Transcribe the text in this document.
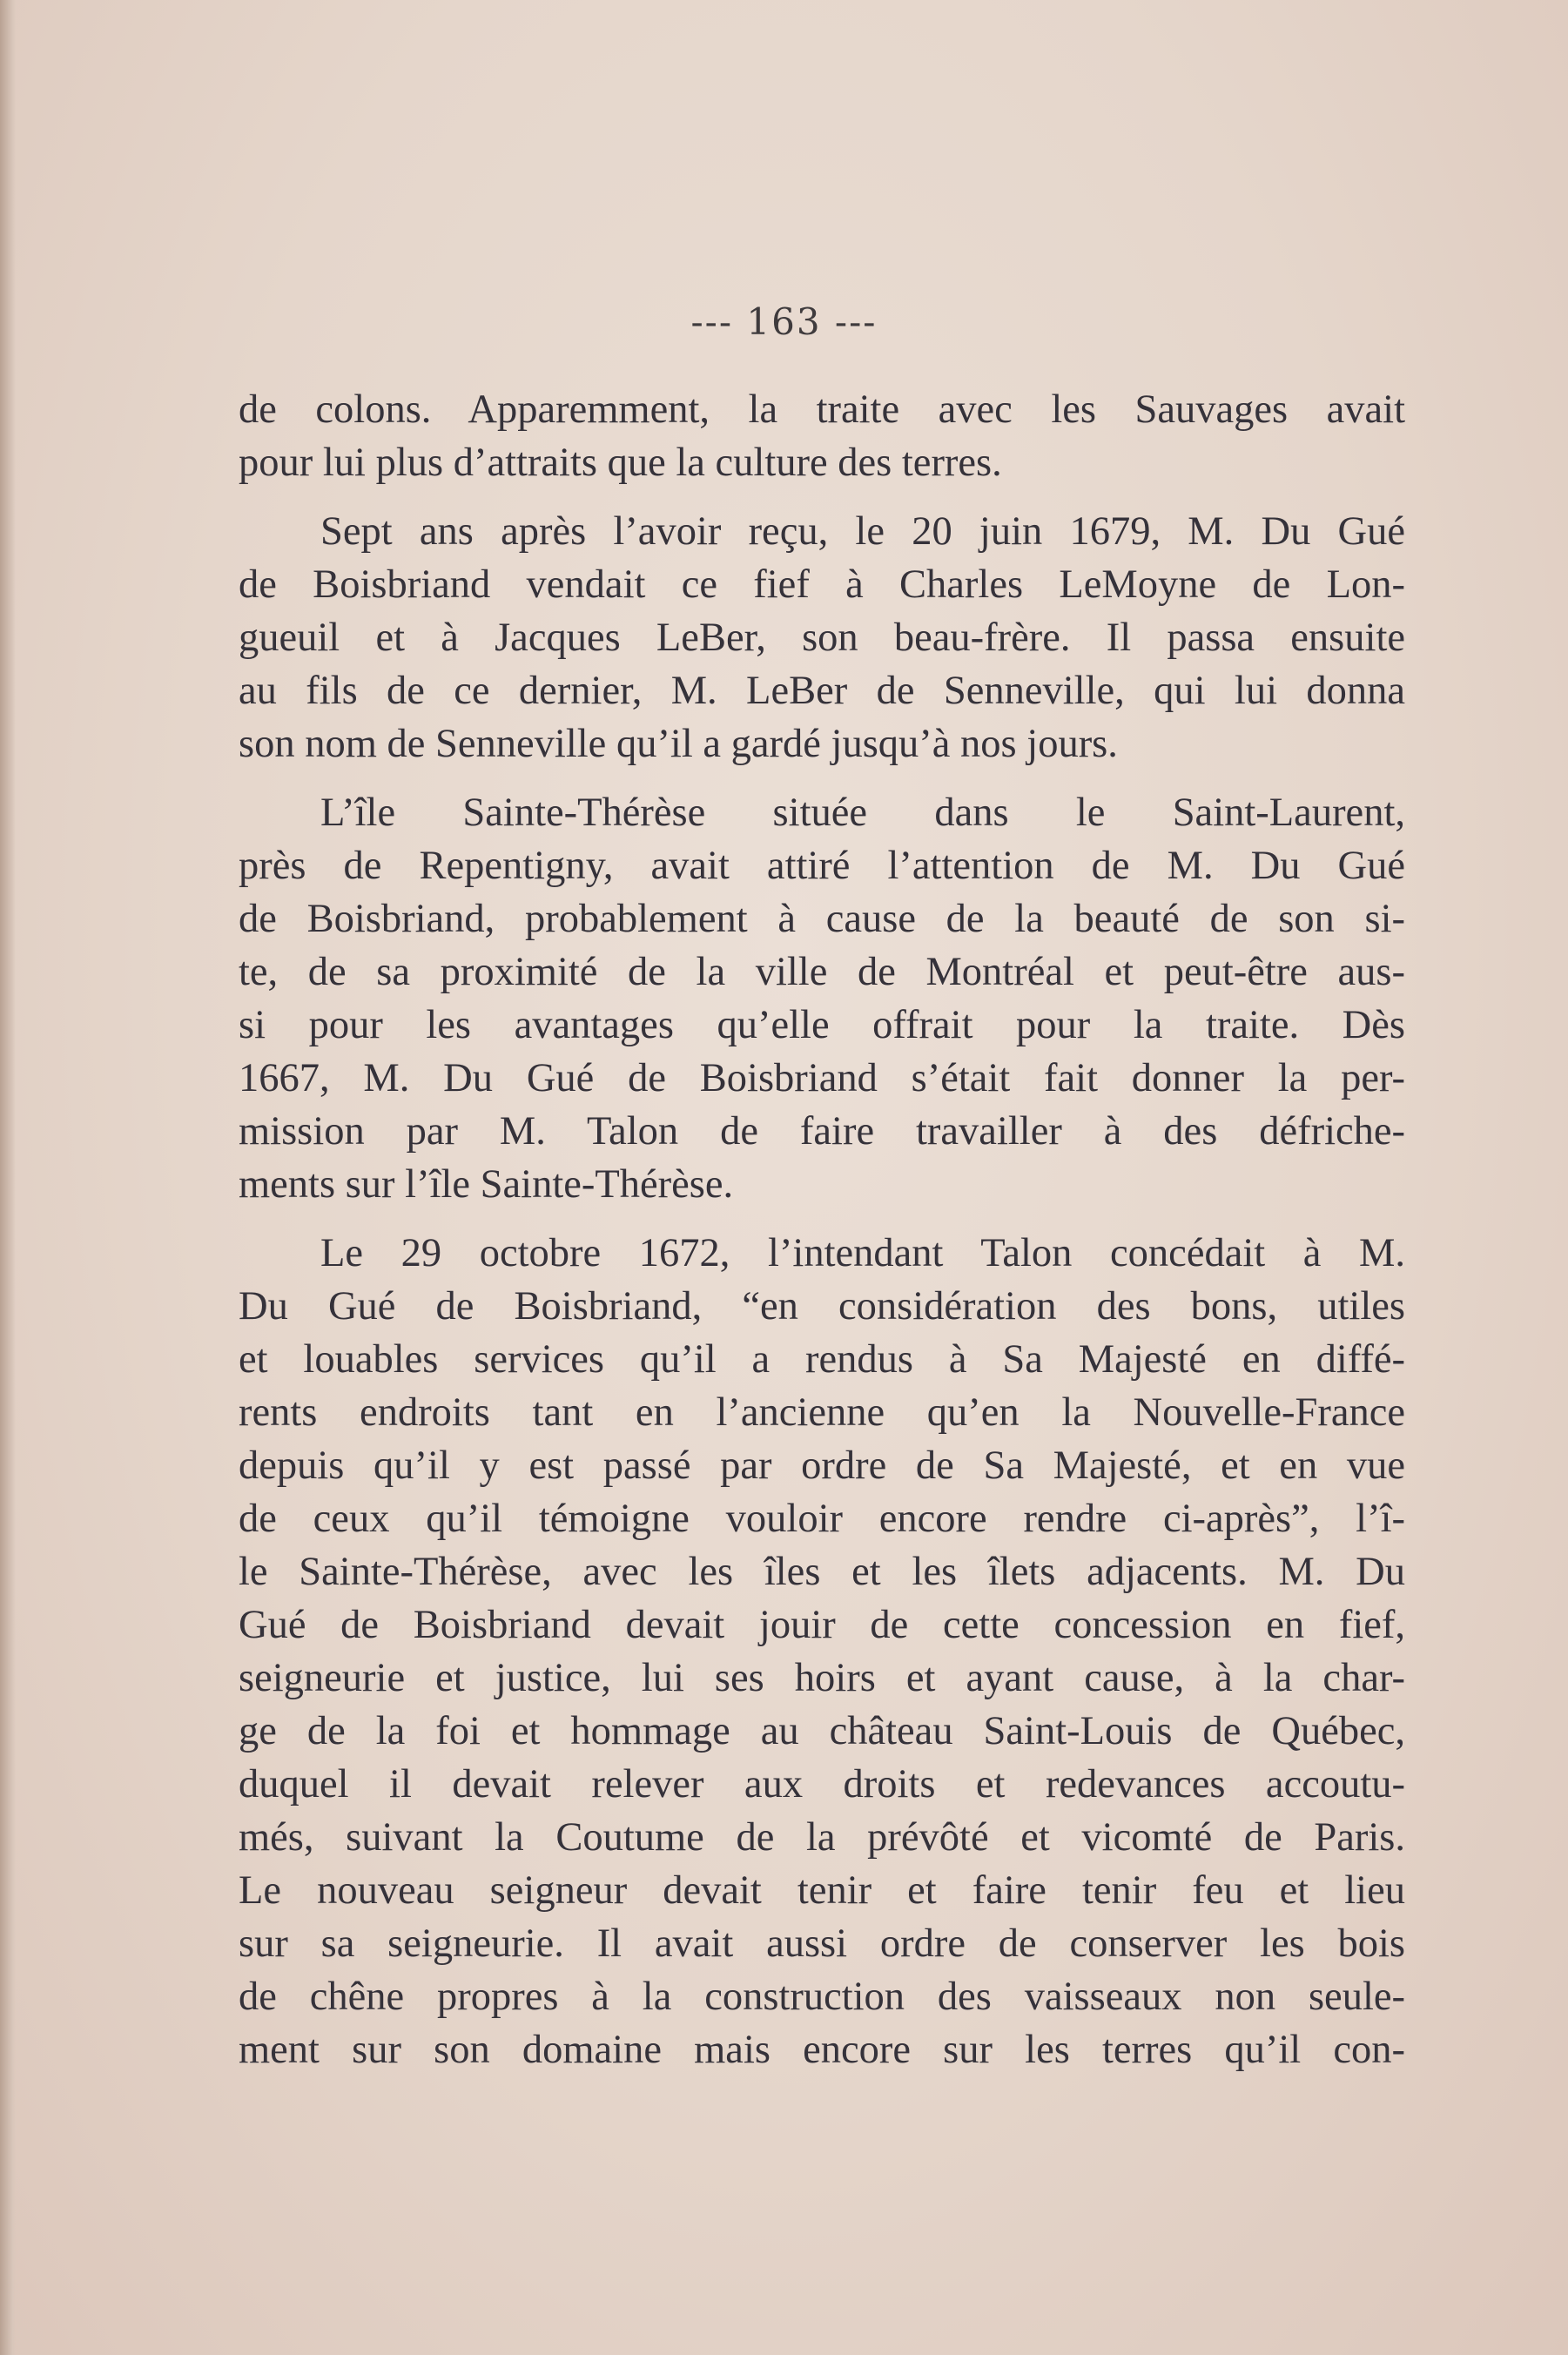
--- 163 ---

de colons. Apparemment, la traite avec les Sauvages avait
pour lui plus d’attraits que la culture des terres.

Sept ans après l’avoir reçu, le 20 juin 1679, M. Du Gué
de Boisbriand vendait ce fief à Charles LeMoyne de Lon-
gueuil et à Jacques LeBer, son beau-frère. Il passa ensuite
au fils de ce dernier, M. LeBer de Senneville, qui lui donna
son nom de Senneville qu’il a gardé jusqu’à nos jours.

L’île Sainte-Thérèse située dans le Saint-Laurent,
près de Repentigny, avait attiré l’attention de M. Du Gué
de Boisbriand, probablement à cause de la beauté de son si-
te, de sa proximité de la ville de Montréal et peut-être aus-
si pour les avantages qu’elle offrait pour la traite. Dès
1667, M. Du Gué de Boisbriand s’était fait donner la per-
mission par M. Talon de faire travailler à des défriche-
ments sur l’île Sainte-Thérèse.

Le 29 octobre 1672, l’intendant Talon concédait à M.
Du Gué de Boisbriand, “en considération des bons, utiles
et louables services qu’il a rendus à Sa Majesté en diffé-
rents endroits tant en l’ancienne qu’en la Nouvelle-France
depuis qu’il y est passé par ordre de Sa Majesté, et en vue
de ceux qu’il témoigne vouloir encore rendre ci-après”, l’î-
le Sainte-Thérèse, avec les îles et les îlets adjacents. M. Du
Gué de Boisbriand devait jouir de cette concession en fief,
seigneurie et justice, lui ses hoirs et ayant cause, à la char-
ge de la foi et hommage au château Saint-Louis de Québec,
duquel il devait relever aux droits et redevances accoutu-
més, suivant la Coutume de la prévôté et vicomté de Paris.
Le nouveau seigneur devait tenir et faire tenir feu et lieu
sur sa seigneurie. Il avait aussi ordre de conserver les bois
de chêne propres à la construction des vaisseaux non seule-
ment sur son domaine mais encore sur les terres qu’il con-
